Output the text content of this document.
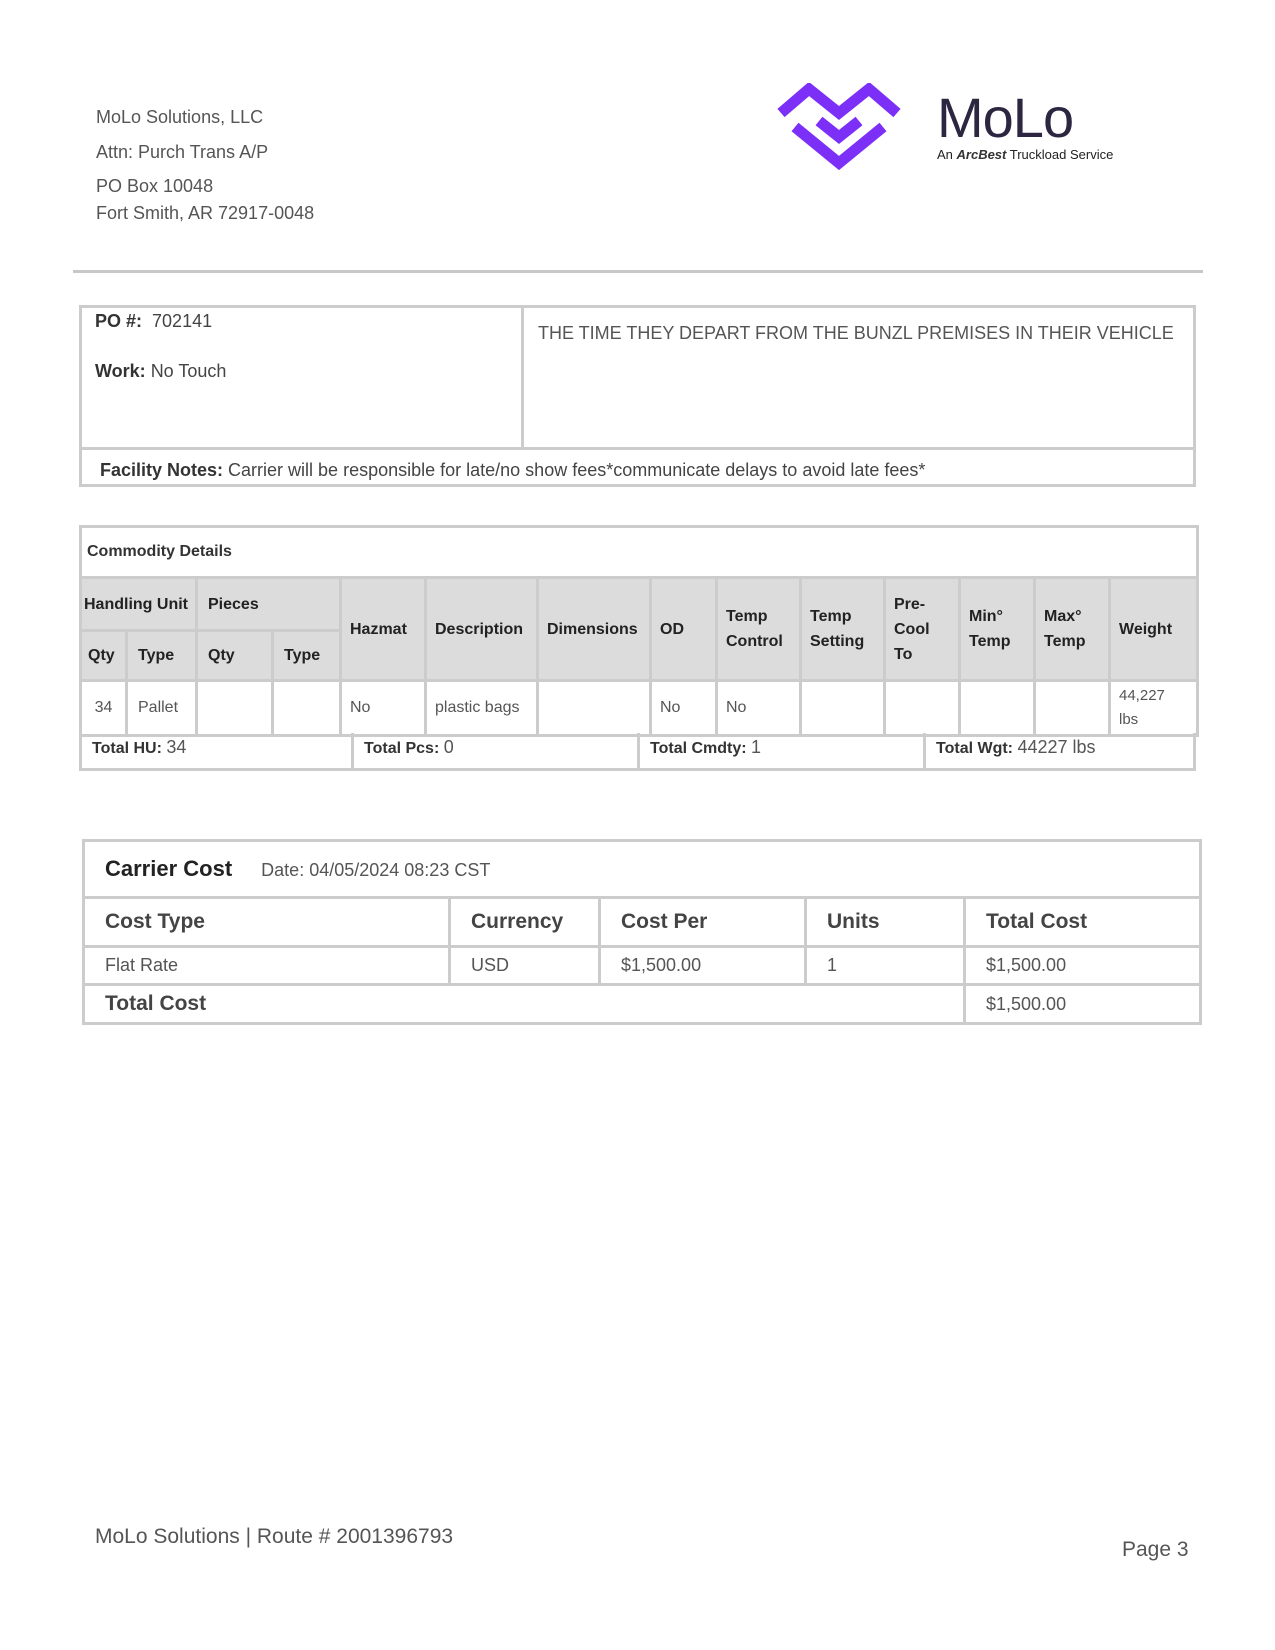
MoLo Solutions, LLC
Attn: Purch Trans A/P
PO Box 10048
Fort Smith, AR 72917-0048
MoLo
An ArcBest Truckload Service
PO #: 702141
Work: No Touch
THE TIME THEY DEPART FROM THE BUNZL PREMISES IN THEIR VEHICLE
Facility Notes: Carrier will be responsible for late/no show fees*communicate delays to avoid late fees*
Commodity Details													
Handling Unit		Pieces		Hazmat	Description	Dimensions	OD	Temp Control	Temp Setting	Pre-Cool To	Min° Temp	Max° Temp	Weight
Qty	Type	Qty	Type										
34	Pallet			No	plastic bags		No	No					44,227 lbs
Total HU: 34	Total Pcs: 0	Total Cmdty: 1	Total Wgt: 44227 lbs
Carrier Cost Date: 04/05/2024 08:23 CST				
Cost Type	Currency	Cost Per	Units	Total Cost
Flat Rate	USD	$1,500.00	1	$1,500.00
Total Cost				$1,500.00
MoLo Solutions | Route # 2001396793
Page 3
